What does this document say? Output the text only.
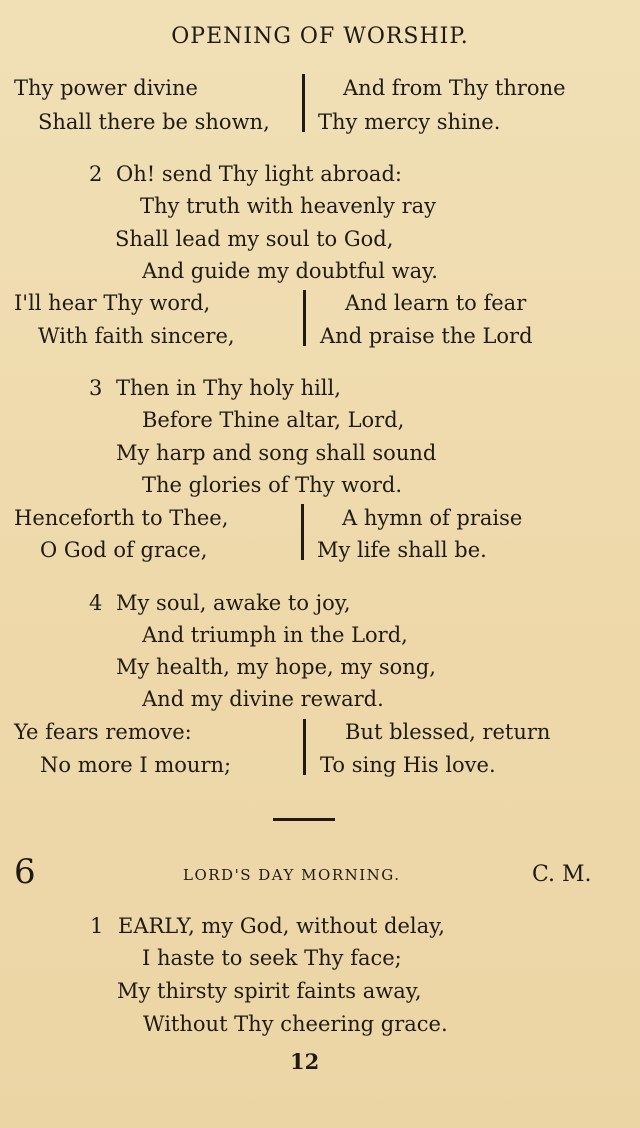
OPENING OF WORSHIP.
Thy power divine
Shall there be shown,
And from Thy throne
Thy mercy shine.
2 Oh! send Thy light abroad:
Thy truth with heavenly ray
Shall lead my soul to God,
And guide my doubtful way.
I'll hear Thy word,
With faith sincere,
And learn to fear
And praise the Lord
3 Then in Thy holy hill,
Before Thine altar, Lord,
My harp and song shall sound
The glories of Thy word.
Henceforth to Thee,
O God of grace,
A hymn of praise
My life shall be.
4 My soul, awake to joy,
And triumph in the Lord,
My health, my hope, my song,
And my divine reward.
Ye fears remove:
No more I mourn;
But blessed, return
To sing His love.
6	LORD'S DAY MORNING.	C. M.
1 EARLY, my God, without delay,
I haste to seek Thy face;
My thirsty spirit faints away,
Without Thy cheering grace.
12
